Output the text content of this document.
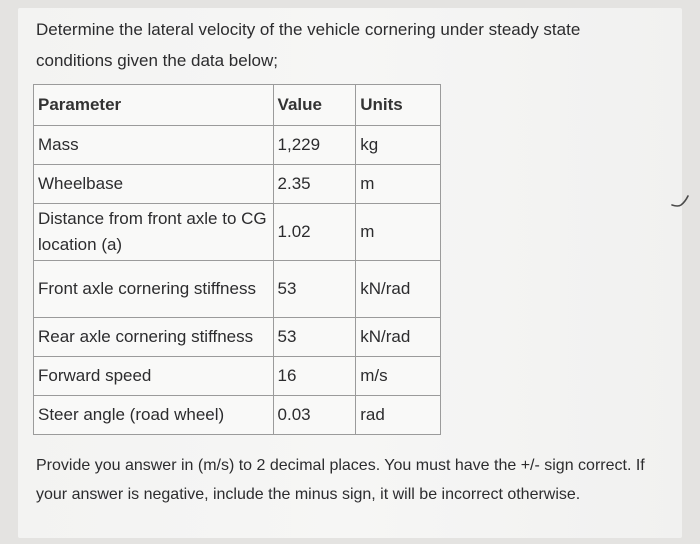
Determine the lateral velocity of the vehicle cornering under steady state conditions given the data below;

Parameter	Value	Units
Mass	1,229	kg
Wheelbase	2.35	m
Distance from front axle to CG location (a)	1.02	m
Front axle cornering stiffness	53	kN/rad
Rear axle cornering stiffness	53	kN/rad
Forward speed	16	m/s
Steer angle (road wheel)	0.03	rad

Provide you answer in (m/s) to 2 decimal places. You must have the +/- sign correct. If your answer is negative, include the minus sign, it will be incorrect otherwise.
